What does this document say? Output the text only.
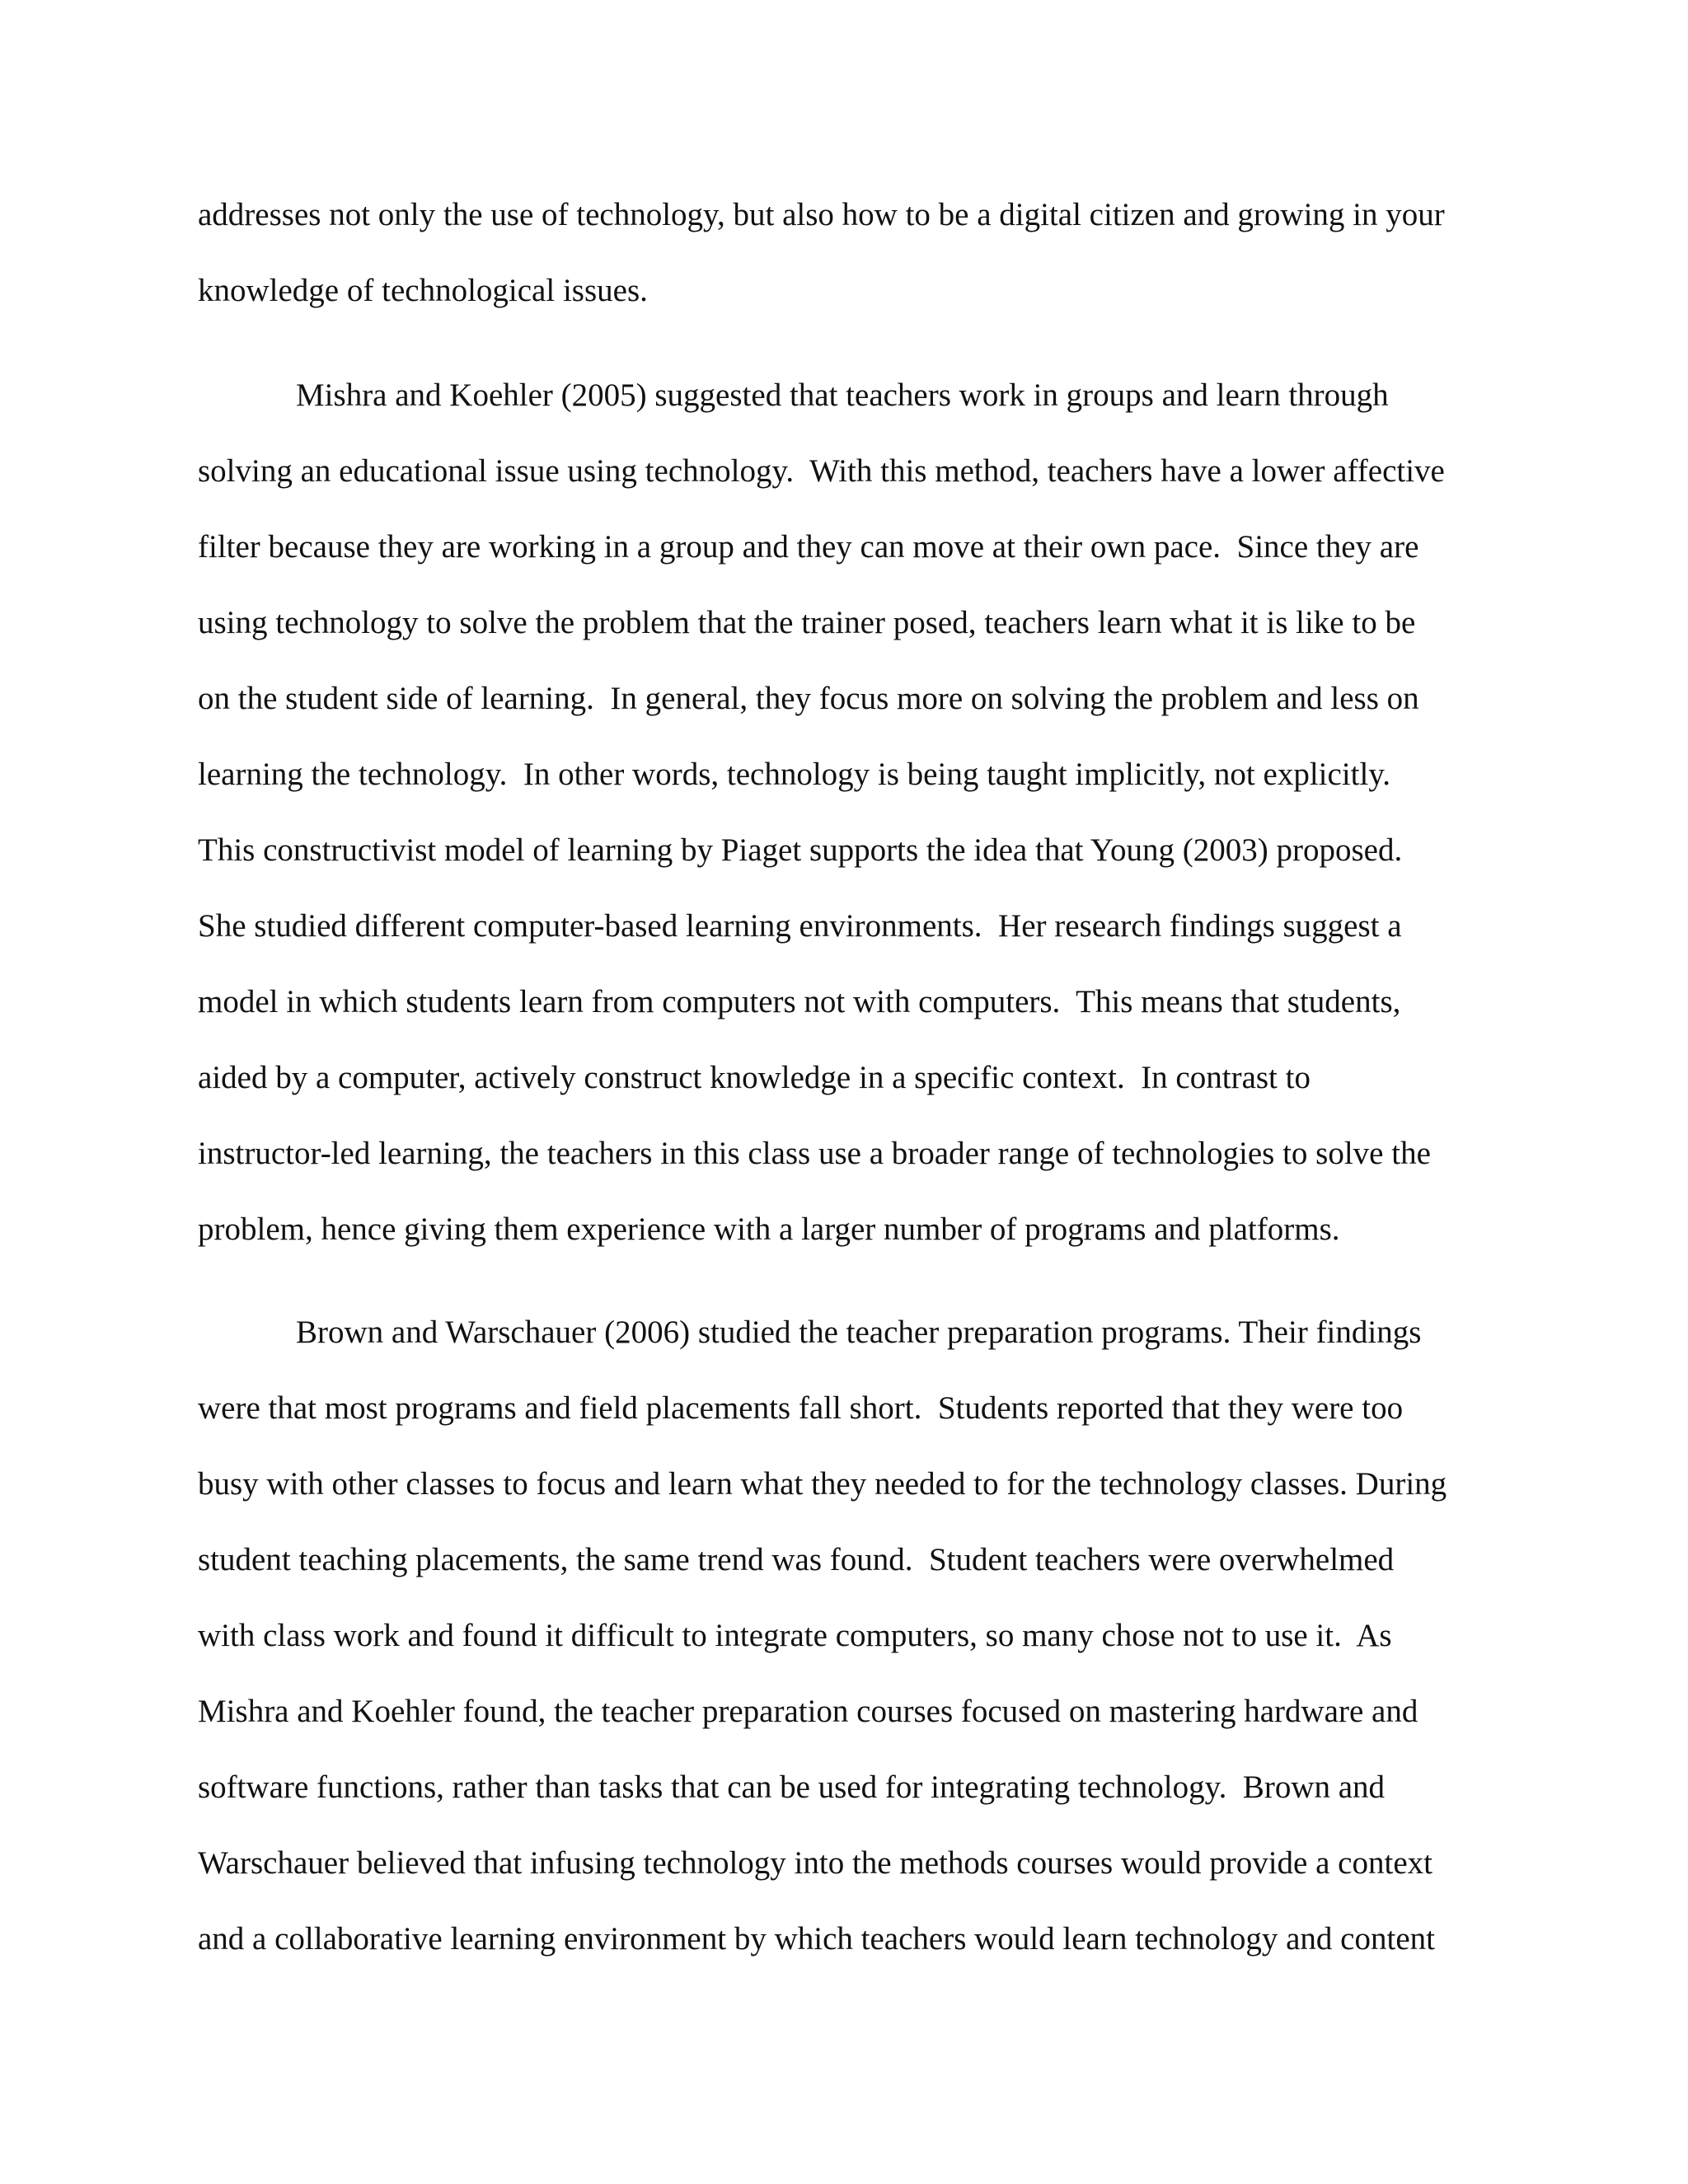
addresses not only the use of technology, but also how to be a digital citizen and growing in your

knowledge of technological issues.

Mishra and Koehler (2005) suggested that teachers work in groups and learn through

solving an educational issue using technology.  With this method, teachers have a lower affective

filter because they are working in a group and they can move at their own pace.  Since they are

using technology to solve the problem that the trainer posed, teachers learn what it is like to be

on the student side of learning.  In general, they focus more on solving the problem and less on

learning the technology.  In other words, technology is being taught implicitly, not explicitly.

This constructivist model of learning by Piaget supports the idea that Young (2003) proposed.

She studied different computer-based learning environments.  Her research findings suggest a

model in which students learn from computers not with computers.  This means that students,

aided by a computer, actively construct knowledge in a specific context.  In contrast to

instructor-led learning, the teachers in this class use a broader range of technologies to solve the

problem, hence giving them experience with a larger number of programs and platforms.

Brown and Warschauer (2006) studied the teacher preparation programs. Their findings

were that most programs and field placements fall short.  Students reported that they were too

busy with other classes to focus and learn what they needed to for the technology classes. During

student teaching placements, the same trend was found.  Student teachers were overwhelmed

with class work and found it difficult to integrate computers, so many chose not to use it.  As

Mishra and Koehler found, the teacher preparation courses focused on mastering hardware and

software functions, rather than tasks that can be used for integrating technology.  Brown and

Warschauer believed that infusing technology into the methods courses would provide a context

and a collaborative learning environment by which teachers would learn technology and content
